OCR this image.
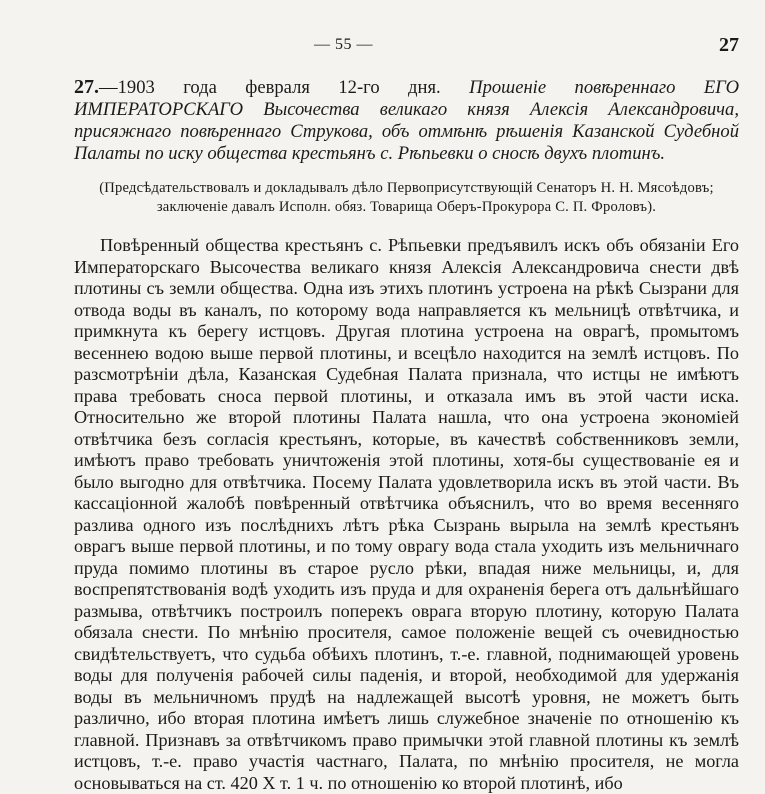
— 55 —	27
27.—1903 года февраля 12-го дня. Прошеніе повѣреннаго ЕГО ИМПЕРАТОРСКАГО Высочества великаго князя Алексія Александровича, присяжнаго повѣреннаго Струкова, объ отмѣнѣ рѣшенія Казанской Судебной Палаты по иску общества крестьянъ с. Рѣпьевки о сносѣ двухъ плотинъ.
(Предсѣдательствовалъ и докладывалъ дѣло Первоприсутствующій Сенаторъ Н. Н. Мясоѣдовъ; заключеніе давалъ Исполн. обяз. Товарища Оберъ-Прокурора С. П. Фроловъ).
Повѣренный общества крестьянъ с. Рѣпьевки предъявилъ искъ объ обязаніи Его Императорскаго Высочества великаго князя Алексія Александровича снести двѣ плотины съ земли общества. Одна изъ этихъ плотинъ устроена на рѣкѣ Сызрани для отвода воды въ каналъ, по которому вода направляется къ мельницѣ отвѣтчика, и примкнута къ берегу истцовъ. Другая плотина устроена на оврагѣ, промытомъ весеннею водою выше первой плотины, и всецѣло находится на землѣ истцовъ. По разсмотрѣніи дѣла, Казанская Судебная Палата признала, что истцы не имѣютъ права требовать сноса первой плотины, и отказала имъ въ этой части иска. Относительно же второй плотины Палата нашла, что она устроена экономіей отвѣтчика безъ согласія крестьянъ, которые, въ качествѣ собственниковъ земли, имѣютъ право требовать уничтоженія этой плотины, хотя-бы существованіе ея и было выгодно для отвѣтчика. Посему Палата удовлетворила искъ въ этой части. Въ кассаціонной жалобѣ повѣренный отвѣтчика объяснилъ, что во время весенняго разлива одного изъ послѣднихъ лѣтъ рѣка Сызрань вырыла на землѣ крестьянъ оврагъ выше первой плотины, и по тому оврагу вода стала уходить изъ мельничнаго пруда помимо плотины въ старое русло рѣки, впадая ниже мельницы, и, для воспрепятствованія водѣ уходить изъ пруда и для охраненія берега отъ дальнѣйшаго размыва, отвѣтчикъ построилъ поперекъ оврага вторую плотину, которую Палата обязала снести. По мнѣнію просителя, самое положеніе вещей съ очевидностью свидѣтельствуетъ, что судьба обѣихъ плотинъ, т.-е. главной, поднимающей уровень воды для полученія рабочей силы паденія, и второй, необходимой для удержанія воды въ мельничномъ прудѣ на надлежащей высотѣ уровня, не можетъ быть различно, ибо вторая плотина имѣетъ лишь служебное значеніе по отношенію къ главной. Признавъ за отвѣтчикомъ право примычки этой главной плотины къ землѣ истцовъ, т.-е. право участія частнаго, Палата, по мнѣнію просителя, не могла основываться на ст. 420 X т. 1 ч. по отношенію ко второй плотинѣ, ибо
